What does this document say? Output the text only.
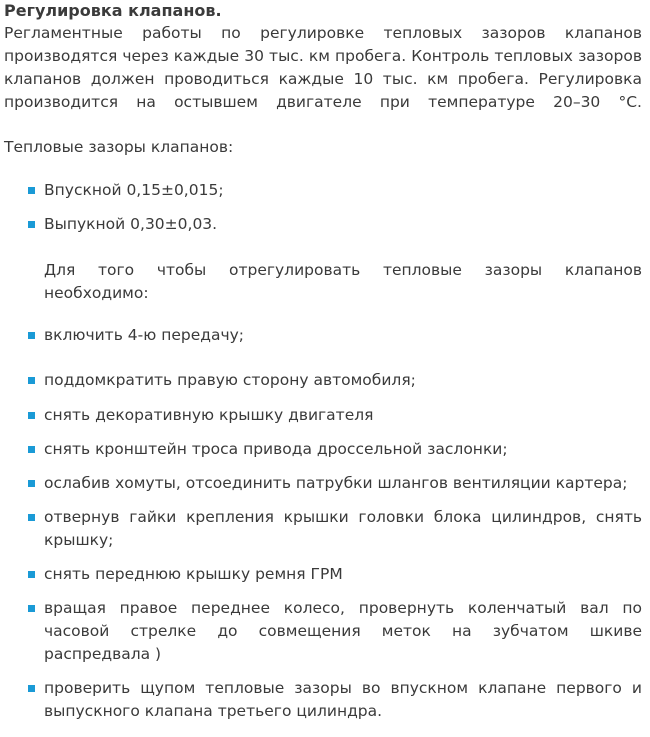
Регулировка клапанов.

Регламентные работы по регулировке тепловых зазоров клапанов
производятся через каждые 30 тыс. км пробега. Контроль тепловых зазоров
клапанов должен проводиться каждые 10 тыс. км пробега. Регулировка
производится на остывшем двигателе при температуре 20–30 °C.

Тепловые зазоры клапанов:

Впускной 0,15±0,015;
Выпукной 0,30±0,03.

Для того чтобы отрегулировать тепловые зазоры клапанов
необходимо:

включить 4-ю передачу;
поддомкратить правую сторону автомобиля;
снять декоративную крышку двигателя
снять кронштейн троса привода дроссельной заслонки;
ослабив хомуты, отсоединить патрубки шлангов вентиляции картера;
отвернув гайки крепления крышки головки блока цилиндров, снять
крышку;
снять переднюю крышку ремня ГРМ
вращая правое переднее колесо, провернуть коленчатый вал по
часовой стрелке до совмещения меток на зубчатом шкиве
распредвала )
проверить щупом тепловые зазоры во впускном клапане первого и
выпускного клапана третьего цилиндра.
